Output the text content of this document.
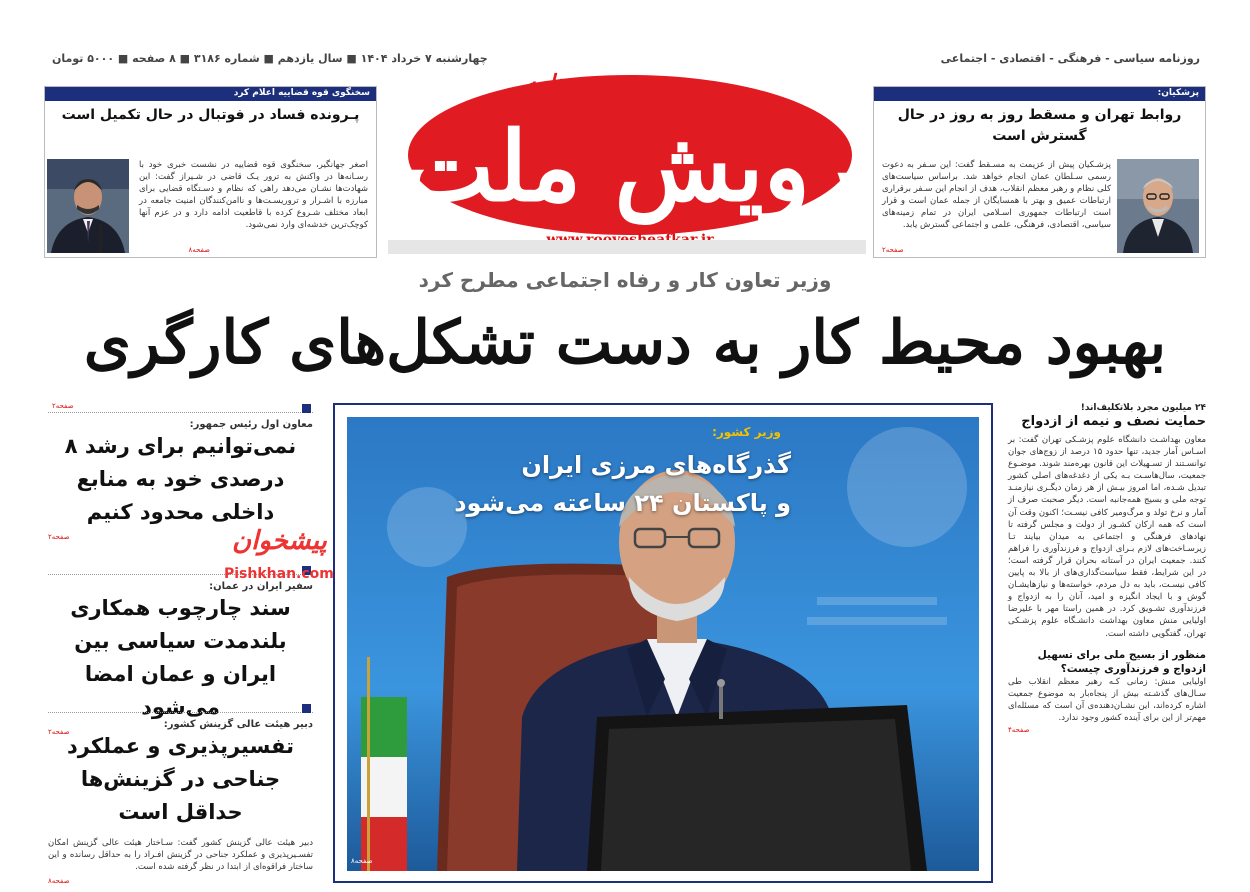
روزنامه سیاسی - فرهنگی - اقتصادی - اجتماعی
چهارشنبه ۷ خرداد ۱۴۰۴ ■ سال یازدهم ■ شماره ۳۱۸۶ ■ ۸ صفحه ■ ۵۰۰۰ تومان
روزنامه
رویش ملت
پزشکیان:
روابط تهران و مسقط روز به روز در حال گسترش است
پزشـکیان پیش از عزیمت به مسـقط گفت: این سـفر به دعوت رسمی سـلطان عمان انجام خواهد شد. براساس سیاست‌های کلی نظام و رهبر معظم انقلاب، هدف از انجام این سـفر برقراری ارتباطات عمیق و بهتر با همسایگان از جمله عمان است و قرار است ارتباطات جمهوری اسـلامی ایران در تمام زمینه‌های سیاسی، اقتصادی، فرهنگی، علمی و اجتماعی گسترش یابد.
صفحه۲
سخنگوی قوه قضاییه اعلام کرد
پـرونده فساد در فوتبال در حال تکمیل است
اصغر جهانگیر، سخنگوی قوه قضاییه در نشست خبری خود با رسـانه‌ها در واکنش به ترور یـک قاضی در شـیراز گفت: این شهادت‌ها نشـان می‌دهد راهی که نظام و دسـتگاه قضایی برای مبارزه با اشـرار و تروریسـت‌ها و ناامن‌کنندگان امنیت جامعه در ابعاد مختلف شـروع کرده با قاطعیت ادامه دارد و در عزم آنها کوچک‌ترین خدشه‌ای وارد نمی‌شود.
صفحه۸
وزیر تعاون کار و رفاه اجتماعی مطرح کرد
بهبود محیط کار به دست تشکل‌های کارگری
۲۴ میلیون مجرد بلاتکلیف‌اند!
حمایت نصف و نیمه از ازدواج
معاون بهداشـت دانشگاه علوم پزشـکی تهران گفت: بر اسـاس آمار جدید، تنها حدود ۱۵ درصد از زوج‌های جوان توانسـتند از تسـهیلات این قانون بهره‌مند شوند. موضـوع جمعیت، سال‌هاسـت بـه یکی از دغدغه‌های اصلی کشور تبدیل شـده، اما امروز بیـش از هر زمان دیگـری نیازمنـد توجه ملی و بسیج همه‌جانبه است. دیگر صحبت صرف از آمار و نرخ تولد و مرگ‌ومیر کافی نیسـت؛ اکنون وقت آن است که همه ارکان کشـور از دولت و مجلس گرفته تا نهادهای فرهنگی و اجتماعی به میدان بیایند تـا زیرسـاخت‌های لازم بـرای ازدواج و فرزندآوری را فراهم کنند. جمعیت ایران در آستانه بحران قرار گرفته است؛ در این شرایط، فقط سیاست‌گذاری‌های از بالا به پایین کافی نیسـت، باید به دل مردم، خواسته‌ها و نیازهایشـان گوش و با ایجاد انگیزه و امید، آنان را به ازدواج و فرزندآوری تشـویق کرد. در همین راستا مهر با علیرضا اولیایی منش معاون بهداشت دانشـگاه علوم پزشـکی تهران، گفتگویی داشته است.
منظور از بسیج ملی برای تسهیل ازدواج و فرزندآوری چیست؟
اولیایی منش: زمانی کـه رهبر معظم انقلاب طی سـال‌های گذشـته بیش از پنجاه‌بار به موضوع جمعیت اشاره کرده‌اند، این نشـان‌دهنده‌ی آن است که مسئله‌ای مهم‌تر از این برای آینده کشور وجود ندارد.
صفحه۴
وزیر کشور:
گذرگاه‌های مرزی ایران
و پاکستان ۲۴ ساعته می‌شود
صفحه۸
صفحه۲
معاون اول رئیس جمهور:
نمی‌توانیم برای رشد ۸ درصدی خود به منابع داخلی محدود کنیم
صفحه۲
سفیر ایران در عمان:
سند چارچوب همکاری بلندمدت سیاسی بین ایران و عمان امضا می‌شود
صفحه۲
دبیر هیئت عالی گزینش کشور:
تفسیرپذیری و عملکرد جناحی در گزینش‌ها حداقل است
دبیر هیئت عالی گزینش کشور گفت: سـاختار هیئت عالی گزینش امکان تفسـیرپذیری و عملکرد جناحی در گزینش افـراد را به حداقل رسانده و این ساختار فراقوه‌ای از ابتدا در نظر گرفته شده است.
صفحه۸
پیشخوان
Pishkhan.com
